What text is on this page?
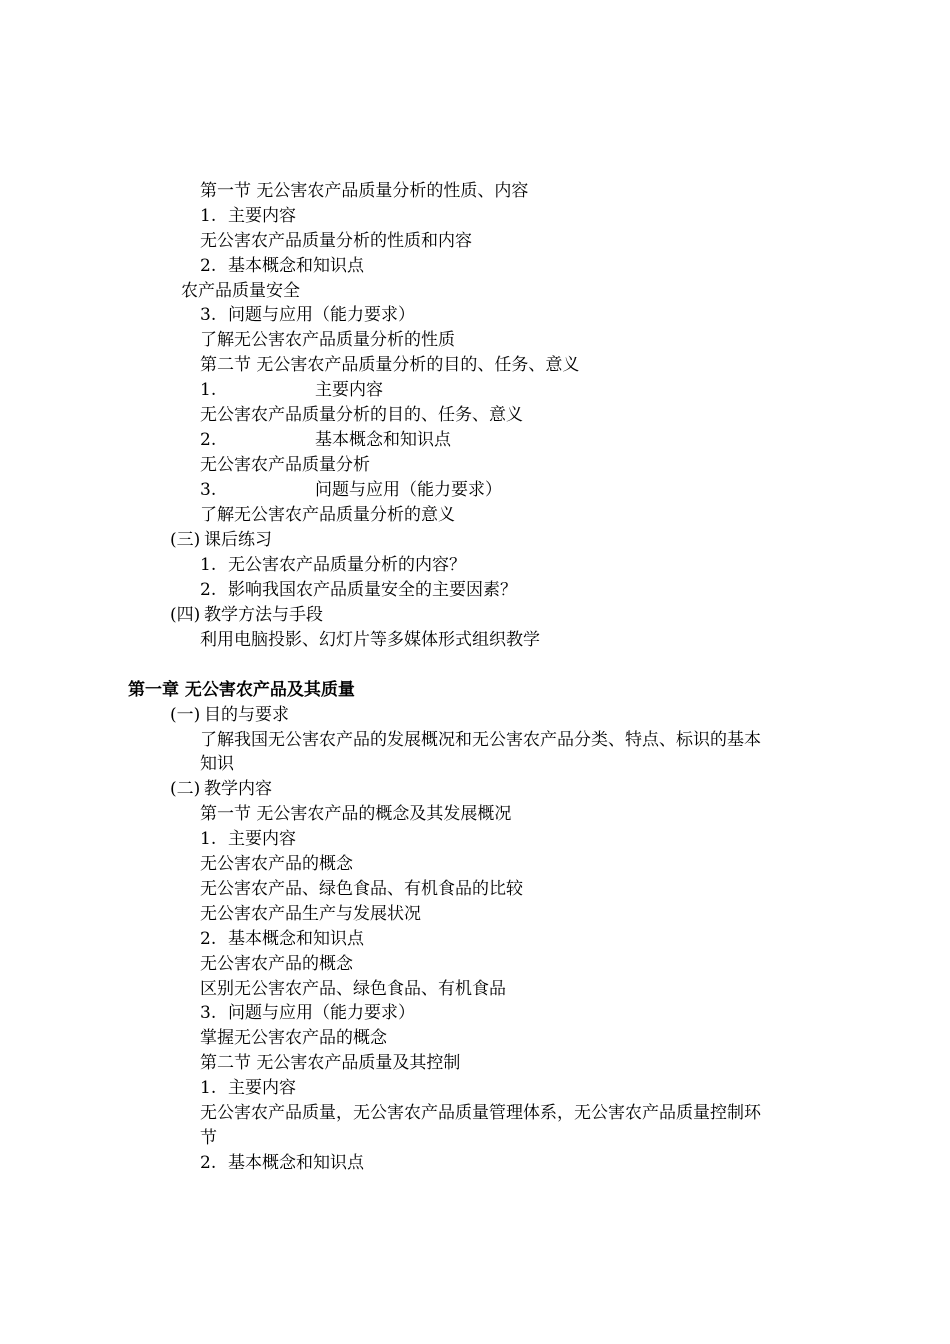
第一节 无公害农产品质量分析的性质、内容
1. 主要内容
无公害农产品质量分析的性质和内容
2. 基本概念和知识点
农产品质量安全
3. 问题与应用（能力要求）
了解无公害农产品质量分析的性质
第二节 无公害农产品质量分析的目的、任务、意义
1.	主要内容
无公害农产品质量分析的目的、任务、意义
2.	基本概念和知识点
无公害农产品质量分析
3.	问题与应用（能力要求）
了解无公害农产品质量分析的意义
(三) 课后练习
1. 无公害农产品质量分析的内容？
2. 影响我国农产品质量安全的主要因素？
(四) 教学方法与手段
利用电脑投影、幻灯片等多媒体形式组织教学
第一章 无公害农产品及其质量
(一) 目的与要求
了解我国无公害农产品的发展概况和无公害农产品分类、特点、标识的基本
知识
(二) 教学内容
第一节 无公害农产品的概念及其发展概况
1. 主要内容
无公害农产品的概念
无公害农产品、绿色食品、有机食品的比较
无公害农产品生产与发展状况
2. 基本概念和知识点
无公害农产品的概念
区别无公害农产品、绿色食品、有机食品
3. 问题与应用（能力要求）
掌握无公害农产品的概念
第二节 无公害农产品质量及其控制
1. 主要内容
无公害农产品质量，无公害农产品质量管理体系，无公害农产品质量控制环
节
2. 基本概念和知识点
